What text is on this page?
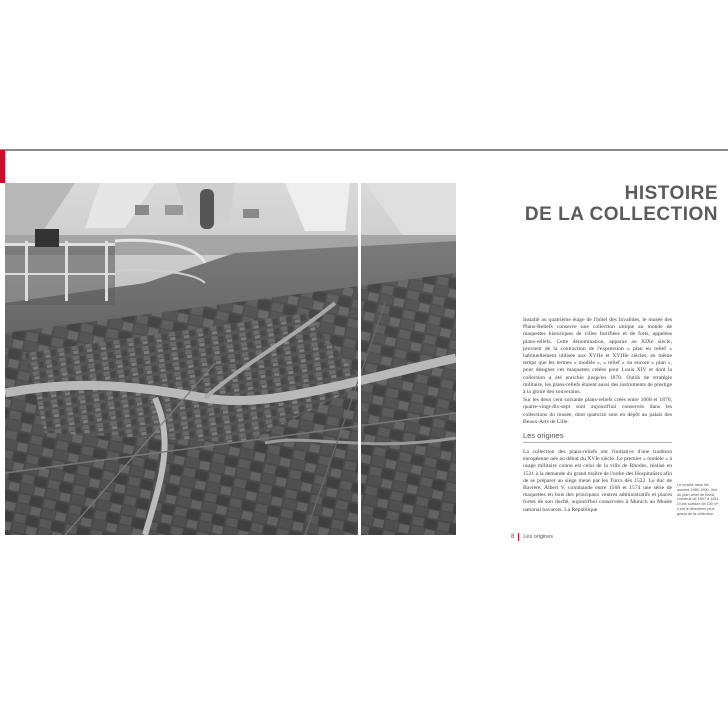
HISTOIRE
DE LA COLLECTION

Installé au quatrième étage de l'hôtel des Invalides, le musée des Plans-Reliefs conserve une collection unique au monde de maquettes historiques de villes fortifiées et de forts, appelées plans-reliefs. Cette dénomination, apparue au XIXe siècle, provient de la contraction de l'expression « plan en relief » habituellement utilisée aux XVIIe et XVIIIe siècles, en même temps que les termes « modèle », « relief » ou encore « plan », pour désigner ces maquettes créées pour Louis XIV et dont la collection a été enrichie jusqu'en 1870. Outils de stratégie militaire, les plans-reliefs étaient aussi des instruments de prestige à la gloire des souverains.

Sur les deux cent soixante plans-reliefs créés entre 1668 et 1870, quatre-vingt-dix-sept sont aujourd'hui conservés dans les collections du musée, dont quatorze sont en dépôt au palais des Beaux-Arts de Lille.

Les origines

La collection des plans-reliefs ont l'initiative d'une tradition européenne née au début du XVIe siècle. Le premier « modèle » à usage militaire connu est celui de la ville de Rhodes, réalisé en 1521 à la demande du grand maître de l'ordre des Hospitaliers afin de se préparer au siège mené par les Turcs dès 1522. Le duc de Bavière, Albert V, commande entre 1568 et 1574 une série de maquettes en bois des principaux centres administratifs et places fortes de son duché, aujourd'hui conservées à Munich au Musée national bavarois. La République

Le musée dans les années 1980-1990. Vue du plan-relief de Brest, construit de 1807 à 1811. D'une surface de 130 m², il est le deuxième plus grand de la collection.
8 Les origines
